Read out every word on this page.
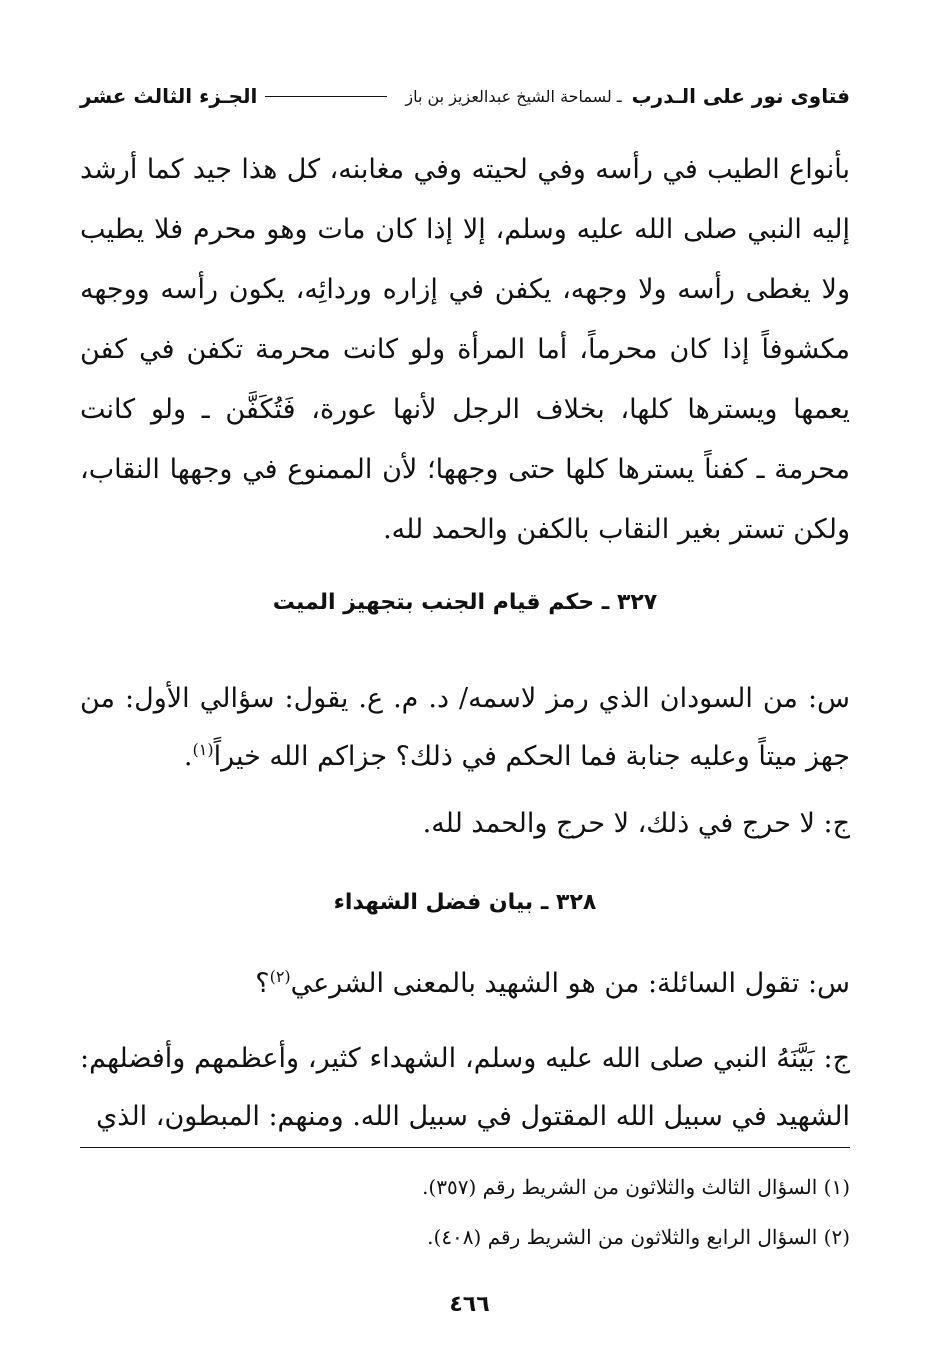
فتاوى نور على الـدرب
ـ لسماحة الشيخ عبدالعزيز بن باز
الجـزء الثالث عشر

بأنواع الطيب في رأسه وفي لحيته وفي مغابنه، كل هذا جيد كما أرشد إليه النبي صلى الله عليه وسلم، إلا إذا كان مات وهو محرم فلا يطيب ولا يغطى رأسه ولا وجهه، يكفن في إزاره وردائِه، يكون رأسه ووجهه مكشوفاً إذا كان محرماً، أما المرأة ولو كانت محرمة تكفن في كفن يعمها ويسترها كلها، بخلاف الرجل لأنها عورة، فَتُكَفَّن ـ ولو كانت محرمة ـ كفناً يسترها كلها حتى وجهها؛ لأن الممنوع في وجهها النقاب، ولكن تستر بغير النقاب بالكفن والحمد لله.

٣٢٧ ـ حكم قيام الجنب بتجهيز الميت

س: من السودان الذي رمز لاسمه/ د. م. ع. يقول: سؤالي الأول: من جهز ميتاً وعليه جنابة فما الحكم في ذلك؟ جزاكم الله خيراً$^{(١)}$.

ج: لا حرج في ذلك، لا حرج والحمد لله.

٣٢٨ ـ بيان فضل الشهداء

س: تقول السائلة: من هو الشهيد بالمعنى الشرعي$^{(٢)}$؟

ج: بَيَّنَهُ النبي صلى الله عليه وسلم، الشهداء كثير، وأعظمهم وأفضلهم: الشهيد في سبيل الله المقتول في سبيل الله. ومنهم: المبطون، الذي

(١) السؤال الثالث والثلاثون من الشريط رقم (٣٥٧).
(٢) السؤال الرابع والثلاثون من الشريط رقم (٤٠٨).
٤٦٦
